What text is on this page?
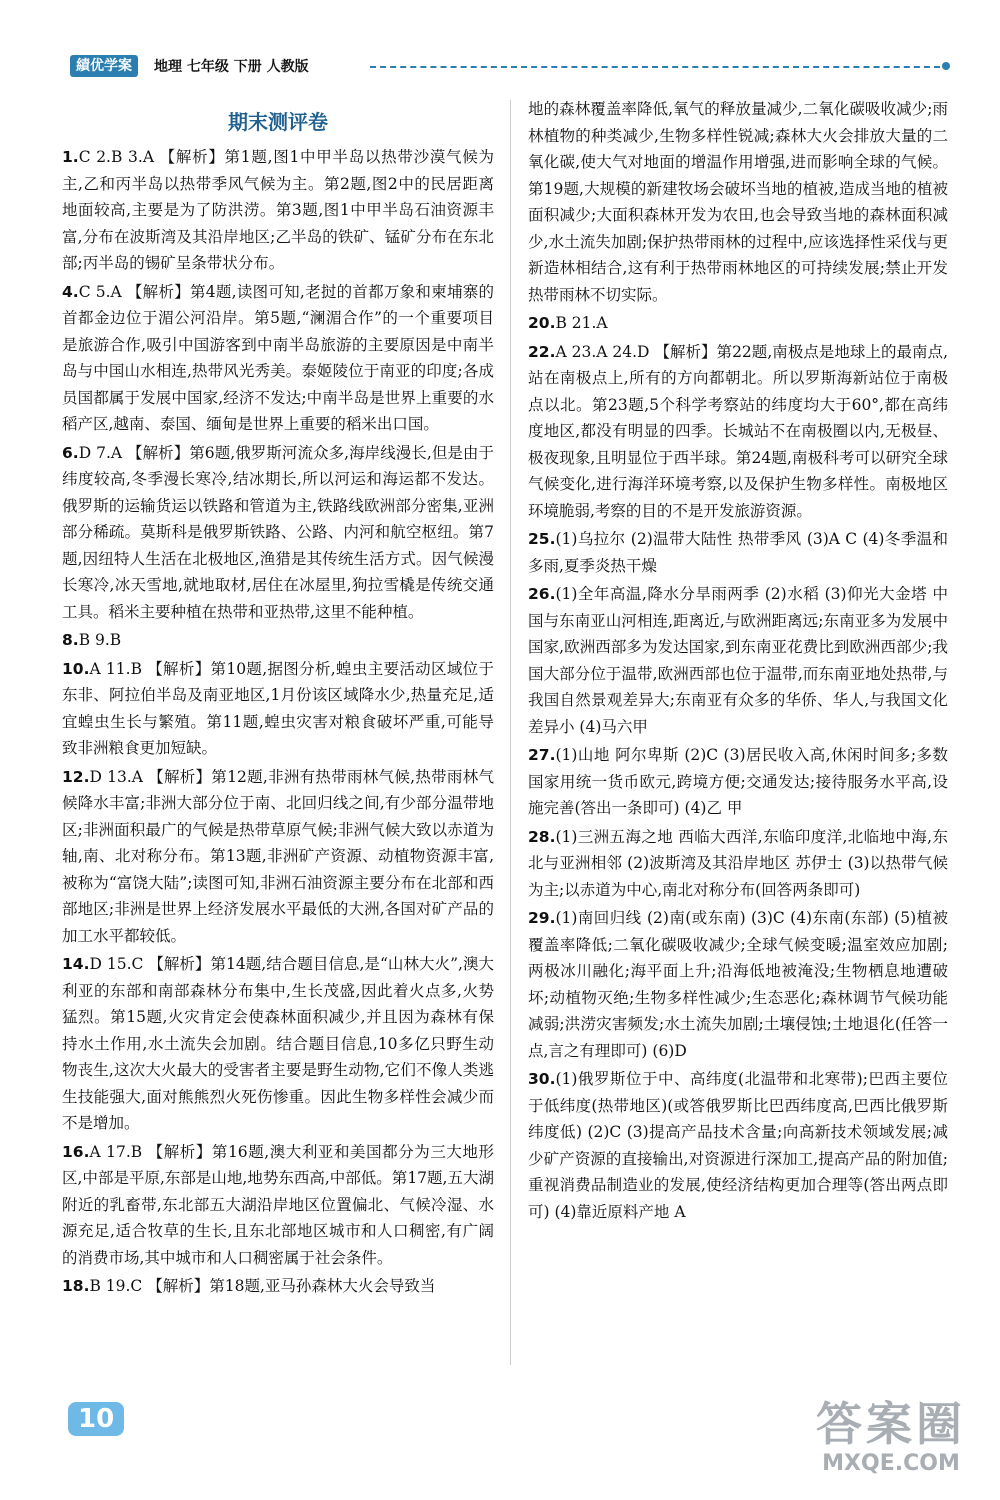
績优学案	地理 七年级 下册 人教版
期末测评卷
1.C 2.B 3.A 【解析】第1题,图1中甲半岛以热带沙漠气候为主,乙和丙半岛以热带季风气候为主。第2题,图2中的民居距离地面较高,主要是为了防洪涝。第3题,图1中甲半岛石油资源丰富,分布在波斯湾及其沿岸地区;乙半岛的铁矿、锰矿分布在东北部;丙半岛的锡矿呈条带状分布。
4.C 5.A 【解析】第4题,读图可知,老挝的首都万象和柬埔寨的首都金边位于湄公河沿岸。第5题,“澜湄合作”的一个重要项目是旅游合作,吸引中国游客到中南半岛旅游的主要原因是中南半岛与中国山水相连,热带风光秀美。泰姬陵位于南亚的印度;各成员国都属于发展中国家,经济不发达;中南半岛是世界上重要的水稻产区,越南、泰国、缅甸是世界上重要的稻米出口国。
6.D 7.A 【解析】第6题,俄罗斯河流众多,海岸线漫长,但是由于纬度较高,冬季漫长寒冷,结冰期长,所以河运和海运都不发达。俄罗斯的运输货运以铁路和管道为主,铁路线欧洲部分密集,亚洲部分稀疏。莫斯科是俄罗斯铁路、公路、内河和航空枢纽。第7题,因纽特人生活在北极地区,渔猎是其传统生活方式。因气候漫长寒冷,冰天雪地,就地取材,居住在冰屋里,狗拉雪橇是传统交通工具。稻米主要种植在热带和亚热带,这里不能种植。
8.B 9.B
10.A 11.B 【解析】第10题,据图分析,蝗虫主要活动区域位于东非、阿拉伯半岛及南亚地区,1月份该区域降水少,热量充足,适宜蝗虫生长与繁殖。第11题,蝗虫灾害对粮食破坏严重,可能导致非洲粮食更加短缺。
12.D 13.A 【解析】第12题,非洲有热带雨林气候,热带雨林气候降水丰富;非洲大部分位于南、北回归线之间,有少部分温带地区;非洲面积最广的气候是热带草原气候;非洲气候大致以赤道为轴,南、北对称分布。第13题,非洲矿产资源、动植物资源丰富,被称为“富饶大陆”;读图可知,非洲石油资源主要分布在北部和西部地区;非洲是世界上经济发展水平最低的大洲,各国对矿产品的加工水平都较低。
14.D 15.C 【解析】第14题,结合题目信息,是“山林大火”,澳大利亚的东部和南部森林分布集中,生长茂盛,因此着火点多,火势猛烈。第15题,火灾肯定会使森林面积减少,并且因为森林有保持水土作用,水土流失会加剧。结合题目信息,10多亿只野生动物丧生,这次大火最大的受害者主要是野生动物,它们不像人类逃生技能强大,面对熊熊烈火死伤惨重。因此生物多样性会减少而不是增加。
16.A 17.B 【解析】第16题,澳大利亚和美国都分为三大地形区,中部是平原,东部是山地,地势东西高,中部低。第17题,五大湖附近的乳畜带,东北部五大湖沿岸地区位置偏北、气候冷湿、水源充足,适合牧草的生长,且东北部地区城市和人口稠密,有广阔的消费市场,其中城市和人口稠密属于社会条件。
18.B 19.C 【解析】第18题,亚马孙森林大火会导致当
地的森林覆盖率降低,氧气的释放量减少,二氧化碳吸收减少;雨林植物的种类减少,生物多样性锐减;森林大火会排放大量的二氧化碳,使大气对地面的增温作用增强,进而影响全球的气候。第19题,大规模的新建牧场会破坏当地的植被,造成当地的植被面积减少;大面积森林开发为农田,也会导致当地的森林面积减少,水土流失加剧;保护热带雨林的过程中,应该选择性采伐与更新造林相结合,这有利于热带雨林地区的可持续发展;禁止开发热带雨林不切实际。
20.B 21.A
22.A 23.A 24.D 【解析】第22题,南极点是地球上的最南点,站在南极点上,所有的方向都朝北。所以罗斯海新站位于南极点以北。第23题,5个科学考察站的纬度均大于60°,都在高纬度地区,都没有明显的四季。长城站不在南极圈以内,无极昼、极夜现象,且明显位于西半球。第24题,南极科考可以研究全球气候变化,进行海洋环境考察,以及保护生物多样性。南极地区环境脆弱,考察的目的不是开发旅游资源。
25.(1)乌拉尔 (2)温带大陆性 热带季风 (3)A C (4)冬季温和多雨,夏季炎热干燥
26.(1)全年高温,降水分旱雨两季 (2)水稻 (3)仰光大金塔 中国与东南亚山河相连,距离近,与欧洲距离远;东南亚多为发展中国家,欧洲西部多为发达国家,到东南亚花费比到欧洲西部少;我国大部分位于温带,欧洲西部也位于温带,而东南亚地处热带,与我国自然景观差异大;东南亚有众多的华侨、华人,与我国文化差异小 (4)马六甲
27.(1)山地 阿尔卑斯 (2)C (3)居民收入高,休闲时间多;多数国家用统一货币欧元,跨境方便;交通发达;接待服务水平高,设施完善(答出一条即可) (4)乙 甲
28.(1)三洲五海之地 西临大西洋,东临印度洋,北临地中海,东北与亚洲相邻 (2)波斯湾及其沿岸地区 苏伊士 (3)以热带气候为主;以赤道为中心,南北对称分布(回答两条即可)
29.(1)南回归线 (2)南(或东南) (3)C (4)东南(东部) (5)植被覆盖率降低;二氧化碳吸收减少;全球气候变暖;温室效应加剧;两极冰川融化;海平面上升;沿海低地被淹没;生物栖息地遭破坏;动植物灭绝;生物多样性减少;生态恶化;森林调节气候功能减弱;洪涝灾害频发;水土流失加剧;土壤侵蚀;土地退化(任答一点,言之有理即可) (6)D
30.(1)俄罗斯位于中、高纬度(北温带和北寒带);巴西主要位于低纬度(热带地区)(或答俄罗斯比巴西纬度高,巴西比俄罗斯纬度低) (2)C (3)提高产品技术含量;向高新技术领域发展;减少矿产资源的直接输出,对资源进行深加工,提高产品的附加值;重视消费品制造业的发展,使经济结构更加合理等(答出两点即可) (4)靠近原料产地 A
10	答案圈
MXQE.COM
